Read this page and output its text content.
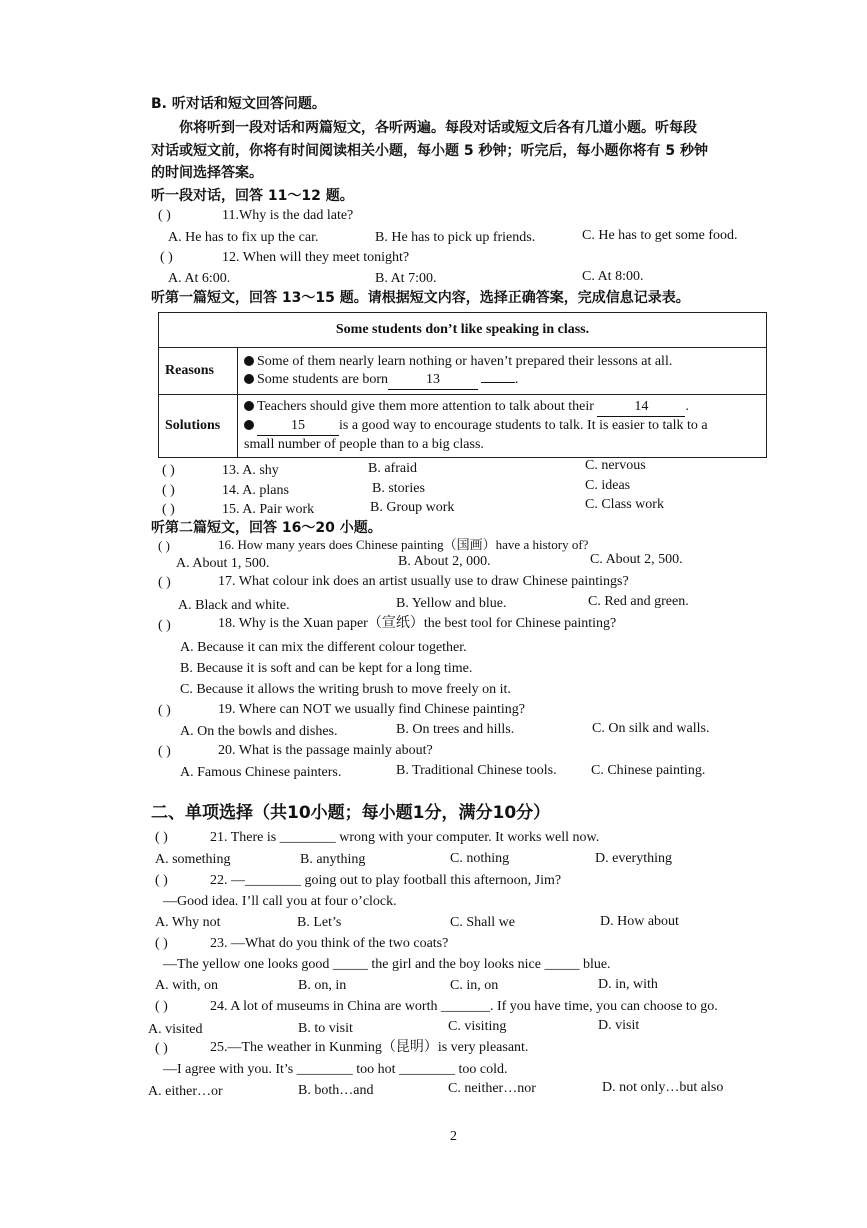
B. 听对话和短文回答问题。
你将听到一段对话和两篇短文，各听两遍。每段对话或短文后各有几道小题。听每段
对话或短文前，你将有时间阅读相关小题，每小题 5 秒钟；听完后，每小题你将有 5 秒钟
的时间选择答案。
听一段对话，回答 11～12 题。
( )	11.Why is the dad late?
A. He has to fix up the car.	B. He has to pick up friends.	C. He has to get some food.
( )	12. When will they meet tonight?
A. At 6:00.	B. At 7:00.	C. At 8:00.
听第一篇短文，回答 13～15 题。请根据短文内容，选择正确答案，完成信息记录表。
Some students don’t like speaking in class.	
Reasons	Some of them nearly learn nothing or haven’t prepared their lessons at all.
Some students are born 13 .

Solutions	Teachers should give them more attention to talk about their 14 .
15 is a good way to encourage students to talk. It is easier to talk to a
small number of people than to a big class.
( )	13. A. shy	B. afraid	C. nervous
( )	14. A. plans	B. stories	C. ideas
( )	15. A. Pair work	B. Group work	C. Class work
听第二篇短文，回答 16～20 小题。
( )	16. How many years does Chinese painting（国画）have a history of?
A. About 1, 500.	B. About 2, 000.	C. About 2, 500.
( )	17. What colour ink does an artist usually use to draw Chinese paintings?
A. Black and white.	B. Yellow and blue.	C. Red and green.
( )	18. Why is the Xuan paper（宣纸）the best tool for Chinese painting?
A. Because it can mix the different colour together.
B. Because it is soft and can be kept for a long time.
C. Because it allows the writing brush to move freely on it.
( )	19. Where can NOT we usually find Chinese painting?
A. On the bowls and dishes.	B. On trees and hills.	C. On silk and walls.
( )	20. What is the passage mainly about?
A. Famous Chinese painters.	B. Traditional Chinese tools. C. Chinese painting.
二、单项选择（共10小题；每小题1分，满分10分）
( )	21. There is ________ wrong with your computer. It works well now.
A. something	B. anything	C. nothing	D. everything
( )	22. —________ going out to play football this afternoon, Jim?
—Good idea. I’ll call you at four o’clock.
A. Why not	B. Let’s	C. Shall we	D. How about
( )	23. —What do you think of the two coats?
—The yellow one looks good _____ the girl and the boy looks nice _____ blue.
A. with, on	B. on, in	C. in, on	D. in, with
( )	24. A lot of museums in China are worth _______. If you have time, you can choose to go.
A. visited	B. to visit	C. visiting	D. visit
( )	25.—The weather in Kunming（昆明）is very pleasant.
—I agree with you. It’s ________ too hot ________ too cold.
A. either…or	B. both…and	C. neither…nor	D. not only…but also
2
